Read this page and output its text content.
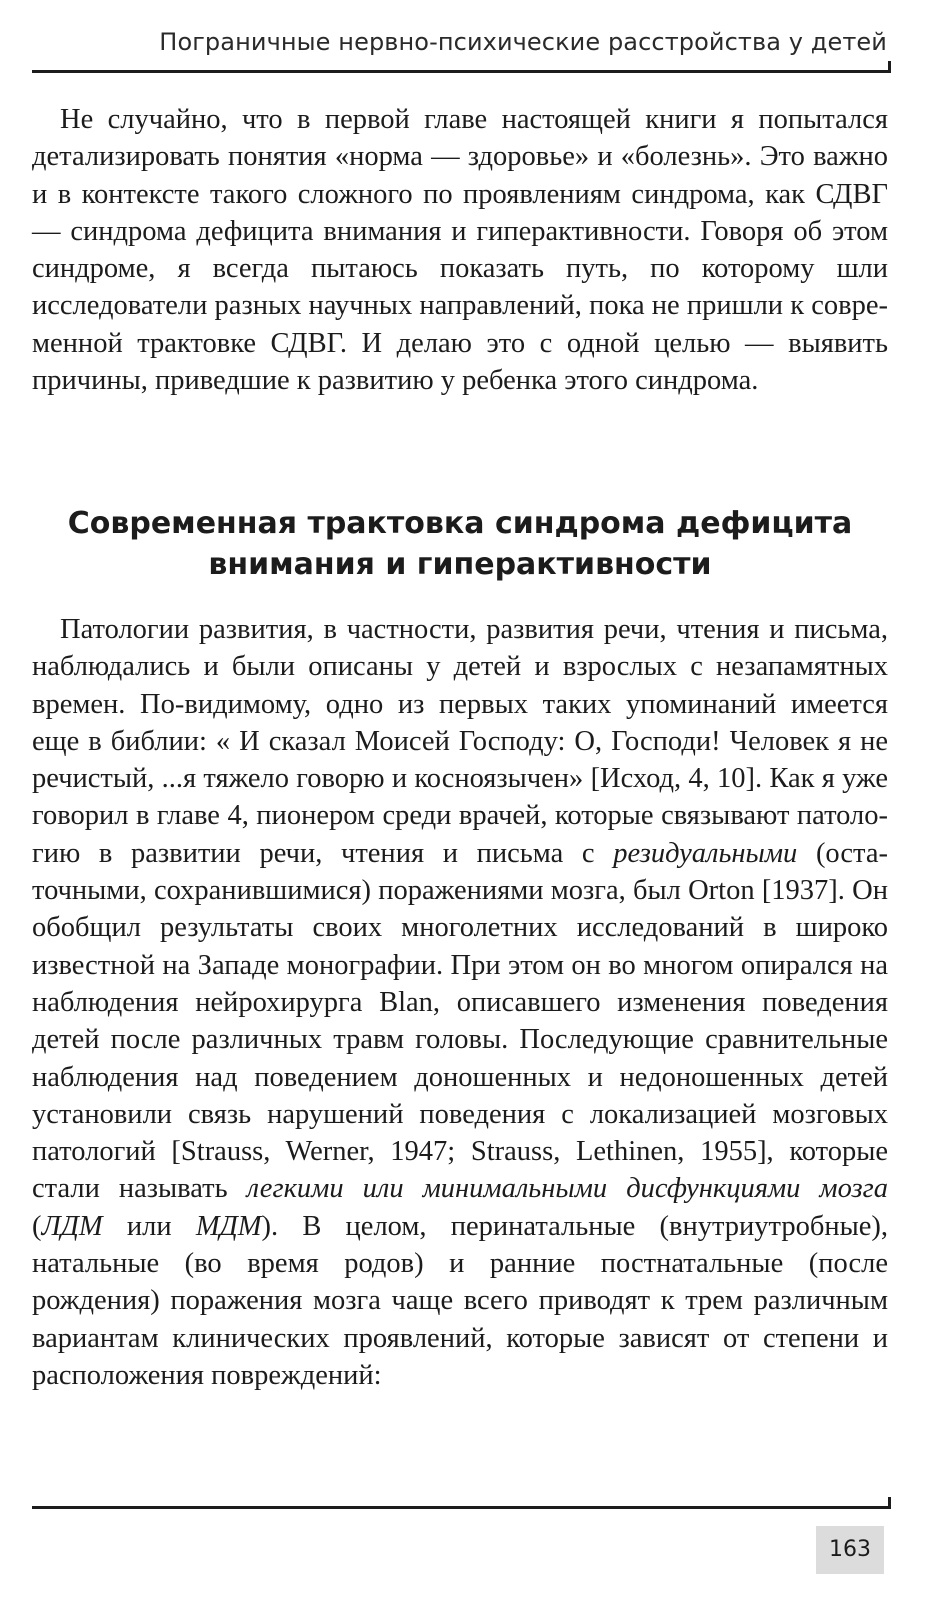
Пограничные нервно-психические расстройства у детей

Не случайно, что в первой главе настоящей книги я попытался детализировать понятия «норма — здоровье» и «болезнь». Это важно и в контексте такого сложного по проявлениям синдрома, как СДВГ — синдрома дефицита внимания и гиперактивности. Говоря об этом синдроме, я всегда пытаюсь показать путь, по которому шли исследователи разных научных направлений, пока не пришли к современной трактовке СДВГ. И делаю это с одной целью — выявить причины, приведшие к развитию у ребенка этого синдрома.

Современная трактовка синдрома дефицита
внимания и гиперактивности

Патологии развития, в частности, развития речи, чтения и письма, наблюдались и были описаны у детей и взрослых с незапамятных времен. По-видимому, одно из первых таких упоминаний имеется еще в библии: « И сказал Моисей Господу: О, Господи! Человек я не речистый, ...я тяжело говорю и косноязычен» [Исход, 4, 10]. Как я уже говорил в главе 4, пионером среди врачей, которые связывают патологию в развитии речи, чтения и письма с резидуальными (остаточными, сохранившимися) поражениями мозга, был Orton [1937]. Он обобщил результаты своих многолетних исследований в широко известной на Западе монографии. При этом он во многом опирался на наблюдения нейрохирурга Blan, описавшего изменения поведения детей после различных травм головы. Последующие сравнительные наблюдения над поведением доношенных и недоношенных детей установили связь нарушений поведения с локализацией мозговых патологий [Strauss, Werner, 1947; Strauss, Lethinen, 1955], которые стали называть легкими или минимальными дисфункциями мозга (ЛДМ или МДМ). В целом, перинатальные (внутриутробные), натальные (во время родов) и ранние постнатальные (после рождения) поражения мозга чаще всего приводят к трем различным вариантам клинических проявлений, которые зависят от степени и расположения повреждений:

163
